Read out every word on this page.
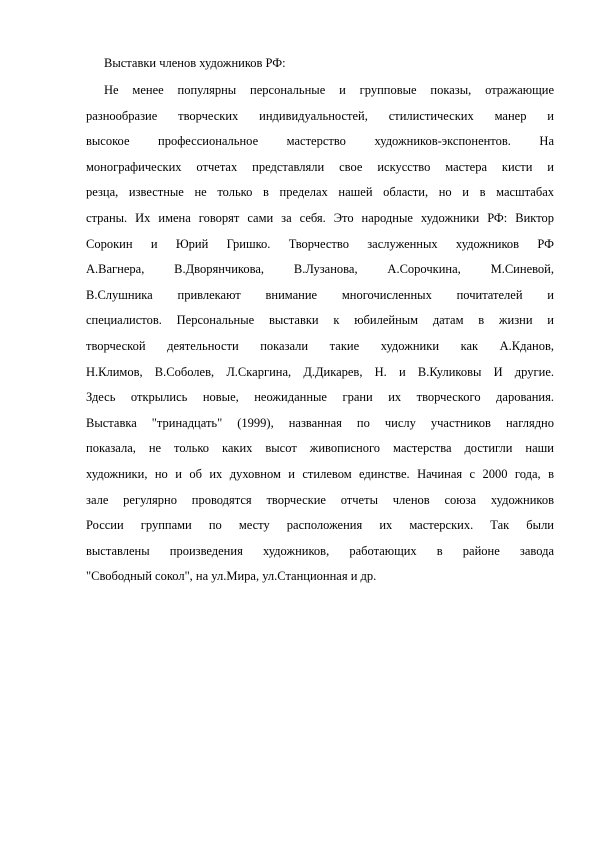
Выставки членов художников РФ:
Не менее популярны персональные и групповые показы, отражающие
разнообразие творческих индивидуальностей, стилистических манер и
высокое профессиональное мастерство художников-экспонентов. На
монографических отчетах представляли свое искусство мастера кисти и
резца, известные не только в пределах нашей области, но и в масштабах
страны. Их имена говорят сами за себя. Это народные художники РФ: Виктор
Сорокин и Юрий Гришко. Творчество заслуженных художников РФ
А.Вагнера, В.Дворянчикова, В.Лузанова, А.Сорочкина, М.Синевой,
В.Слушника привлекают внимание многочисленных почитателей и
специалистов. Персональные выставки к юбилейным датам в жизни и
творческой деятельности показали такие художники как А.Кданов,
Н.Климов, В.Соболев, Л.Скаргина, Д.Дикарев, Н. и В.Куликовы И другие.
Здесь открылись новые, неожиданные грани их творческого дарования.
Выставка "тринадцать" (1999), названная по числу участников наглядно
показала, не только каких высот живописного мастерства достигли наши
художники, но и об их духовном и стилевом единстве. Начиная с 2000 года, в
зале регулярно проводятся творческие отчеты членов союза художников
России группами по месту расположения их мастерских. Так были
выставлены произведения художников, работающих в районе завода
"Свободный сокол", на ул.Мира, ул.Станционная и др.
